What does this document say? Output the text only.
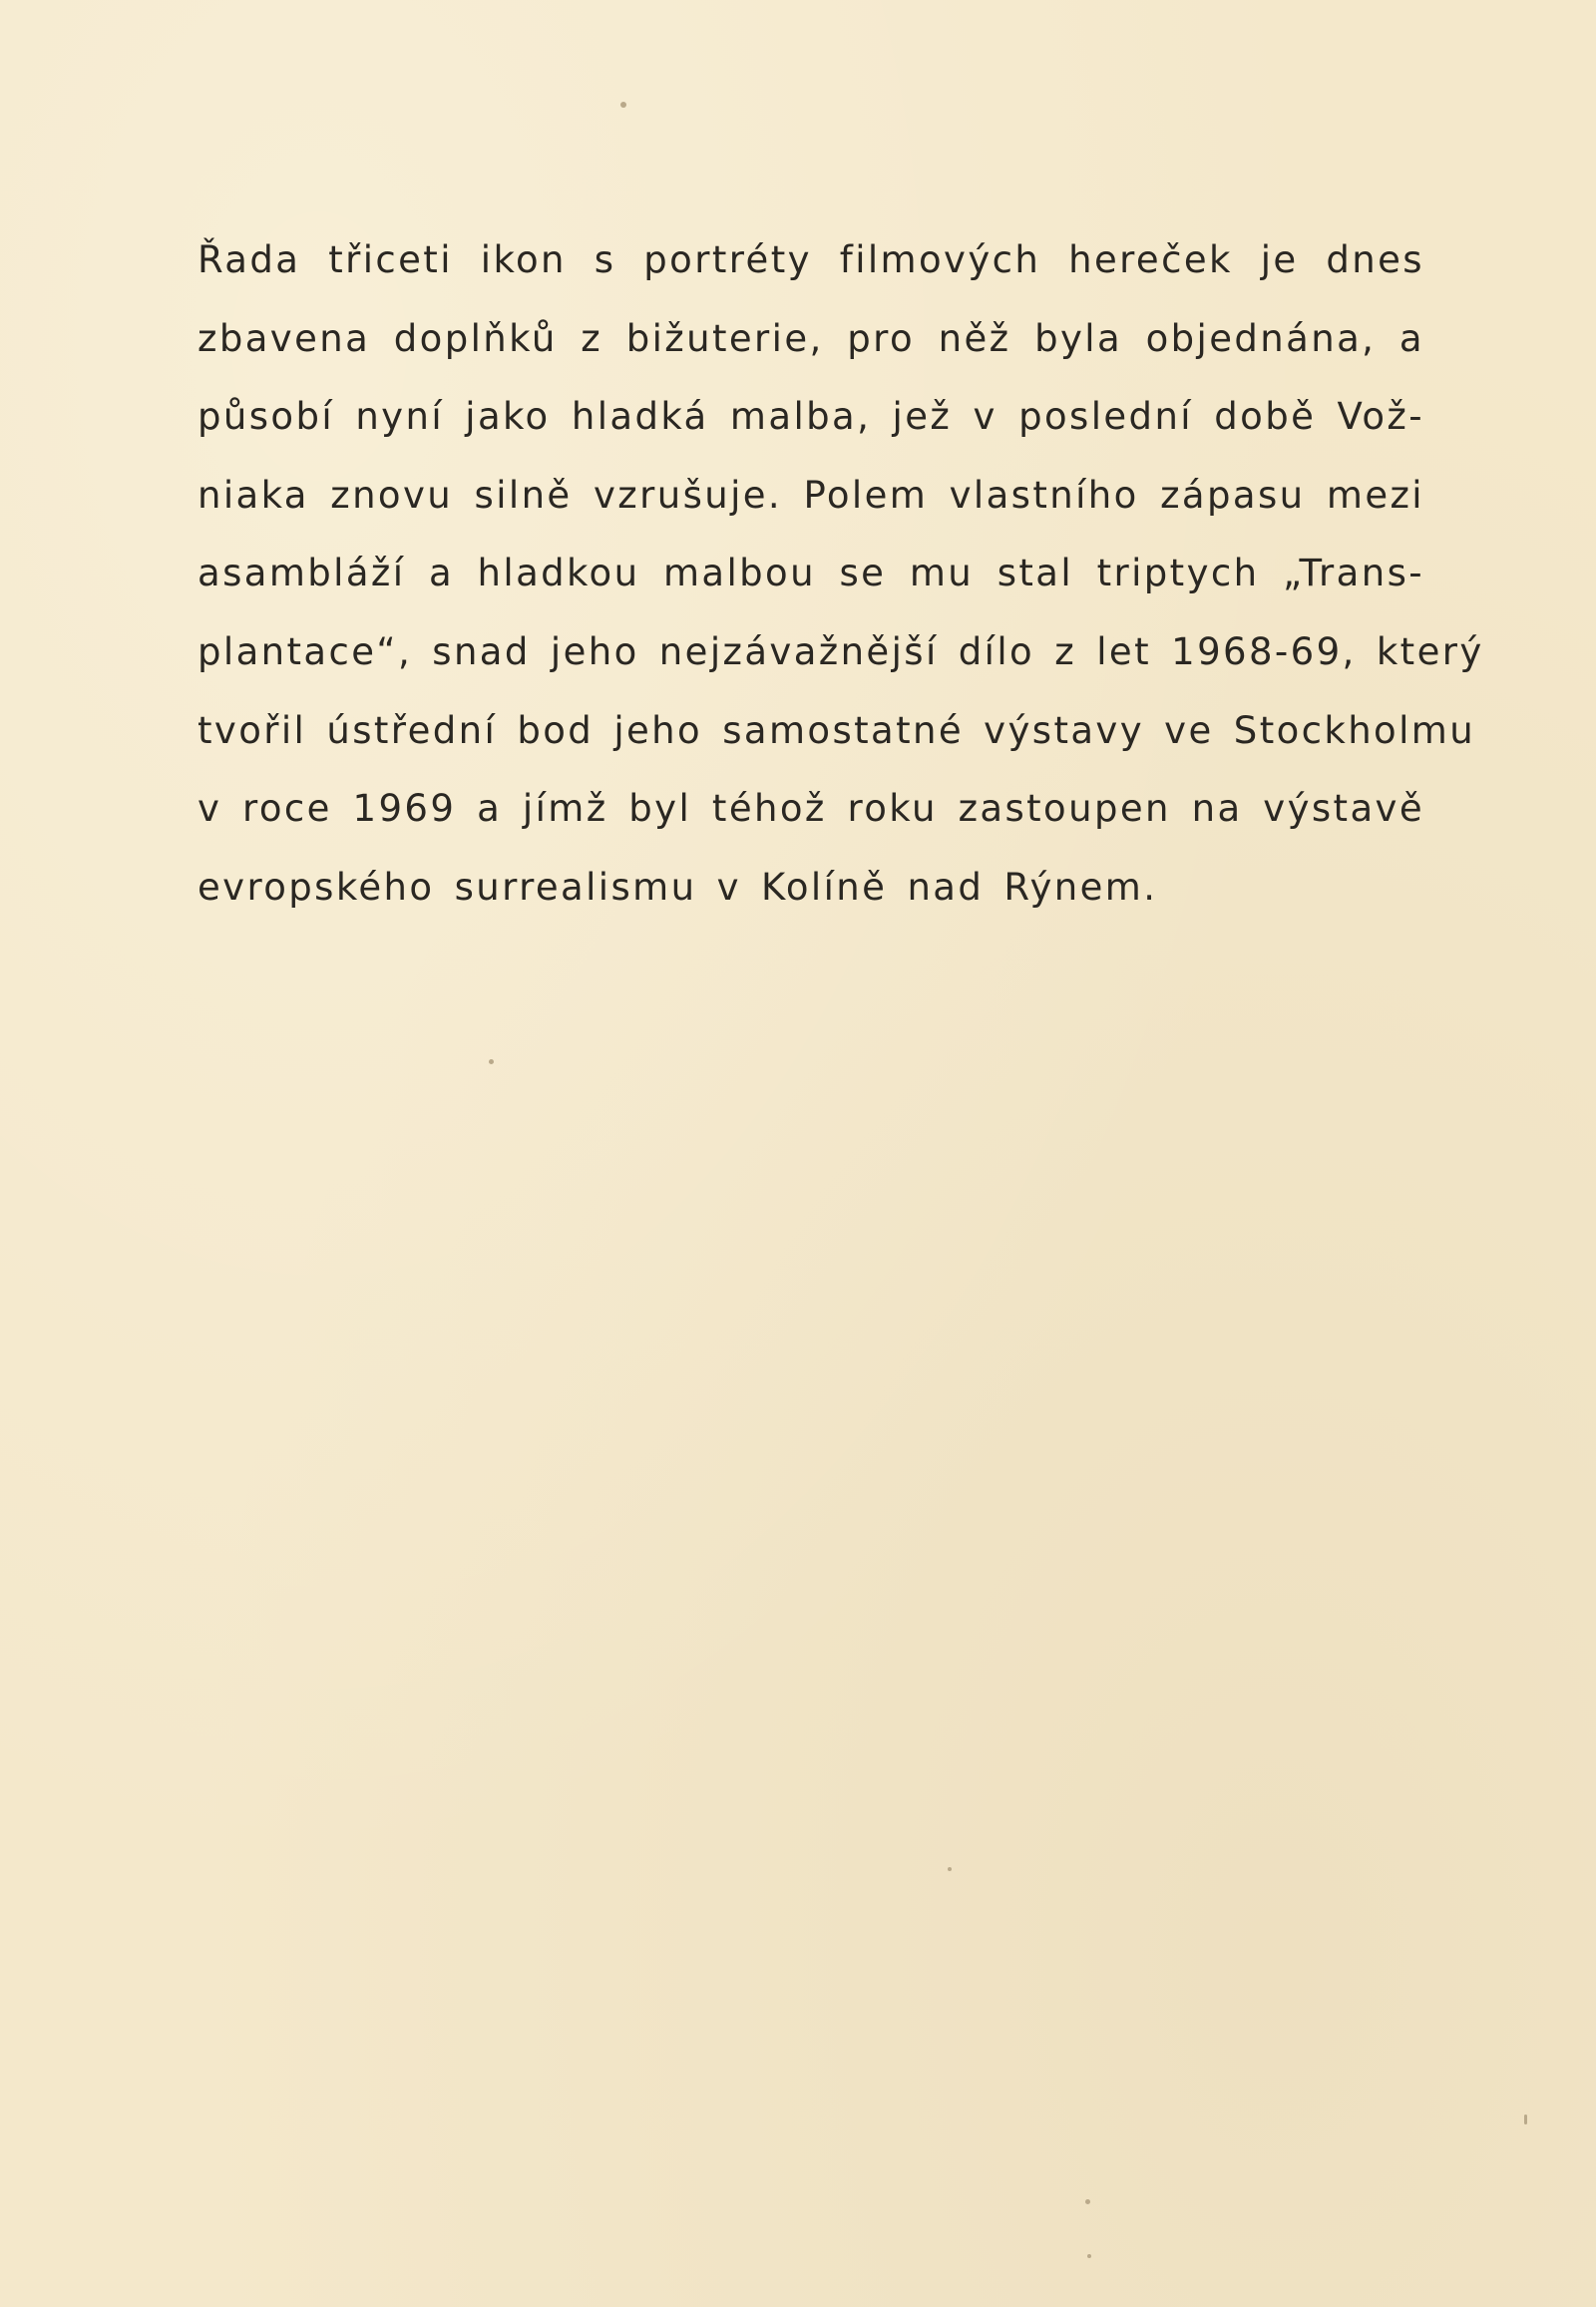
Řada třiceti ikon s portréty filmových hereček je dnes
zbavena doplňků z bižuterie, pro něž byla objednána, a
působí nyní jako hladká malba, jež v poslední době Vož-
niaka znovu silně vzrušuje. Polem vlastního zápasu mezi
asambláží a hladkou malbou se mu stal triptych „Trans-
plantace“, snad jeho nejzávažnější dílo z let 1968-69, který
tvořil ústřední bod jeho samostatné výstavy ve Stockholmu
v roce 1969 a jímž byl téhož roku zastoupen na výstavě
evropského surrealismu v Kolíně nad Rýnem.
